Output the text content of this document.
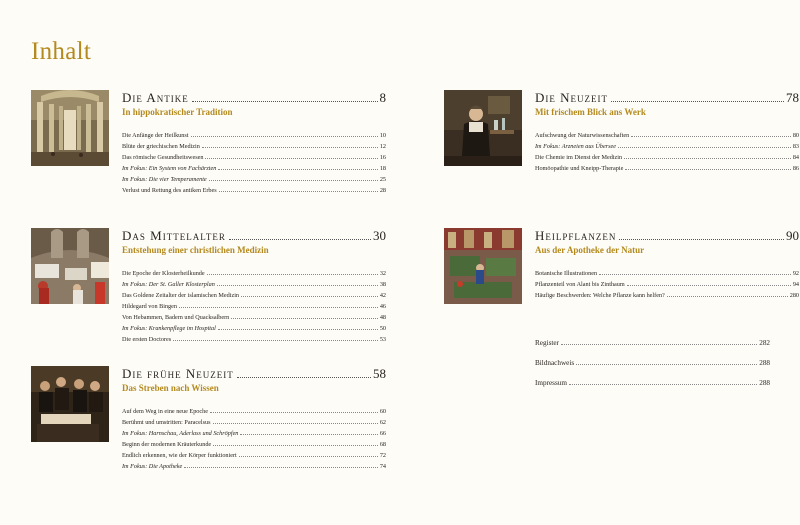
Inhalt
Die Antike	8
In hippokratischer Tradition
Die Anfänge der Heilkunst	10
Blüte der griechischen Medizin	12
Das römische Gesundheitswesen	16
Im Fokus: Ein System von Fachärzten	18
Im Fokus: Die vier Temperamente	25
Verlust und Rettung des antiken Erbes	28
Die Neuzeit	78
Mit frischem Blick ans Werk
Aufschwung der Naturwissenschaften	80
Im Fokus: Arzneien aus Übersee	83
Die Chemie im Dienst der Medizin	84
Homöopathie und Kneipp-Therapie	86
Das Mittelalter	30
Entstehung einer christlichen Medizin
Die Epoche der Klosterheilkunde	32
Im Fokus: Der St. Galler Klosterplan	38
Das Goldene Zeitalter der islamischen Medizin	42
Hildegard von Bingen	46
Von Hebammen, Badern und Quacksalbern	48
Im Fokus: Krankenpflege im Hospital	50
Die ersten Doctores	53
Heilpflanzen	90
Aus der Apotheke der Natur
Botanische Illustrationen	92
Pflanzenteil von Alant bis Zinthaum	94
Häufige Beschwerden: Welche Pflanze kann helfen?	280
Die frühe Neuzeit	58
Das Streben nach Wissen
Auf dem Weg in eine neue Epoche	60
Berühmt und umstritten: Paracelsus	62
Im Fokus: Harnschau, Aderlass und Schröpfen	66
Beginn der modernen Kräuterkunde	68
Endlich erkennen, wie der Körper funktioniert	72
Im Fokus: Die Apotheke	74
Register	282
Bildnachweis	288
Impressum	288
